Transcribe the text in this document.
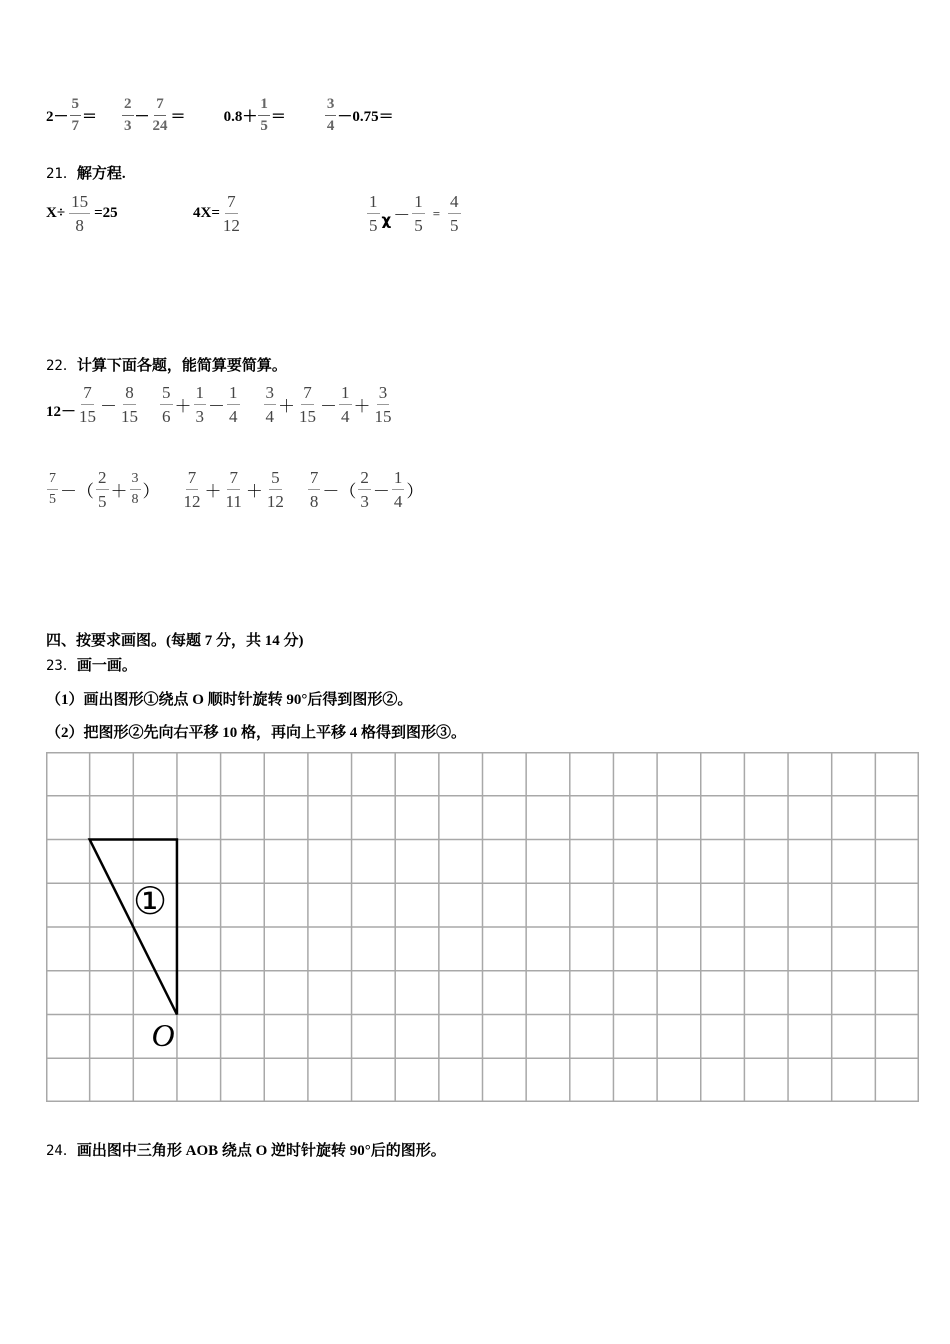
$2- \frac{5}{7} = \frac{2}{3} - \frac{7}{24}$ ＝	$0.8+ \frac{1}{5}$ ＝	$\frac{3}{4} -0.75=$
21．解方程.
$X\div \frac{15}{8} =25$	$4X= \frac{7}{12}$	$\frac{1}{5}$ $\chi - \frac{1}{5} = \frac{4}{5}$
22．计算下面各题，能简算要简算。
$12- \frac{7}{15} - \frac{8}{15} \frac{5}{6} + \frac{1}{3} - \frac{1}{4} \frac{3}{4} + \frac{7}{15} - \frac{1}{4} + \frac{3}{15}$
$\frac{7}{5}$ －（ $\frac{2}{5} + \frac{3}{8}$ ） $\frac{7}{12} + \frac{7}{11} + \frac{5}{12} \frac{7}{8}$ －（ $\frac{2}{3} - \frac{1}{4}$ ）
四、按要求画图。(每题 7 分，共 14 分)
23．画一画。
（1）画出图形①绕点 O 顺时针旋转 90°后得到图形②。
（2）把图形②先向右平移 10 格，再向上平移 4 格得到图形③。
①
O
24．画出图中三角形 AOB 绕点 O 逆时针旋转 90°后的图形。
